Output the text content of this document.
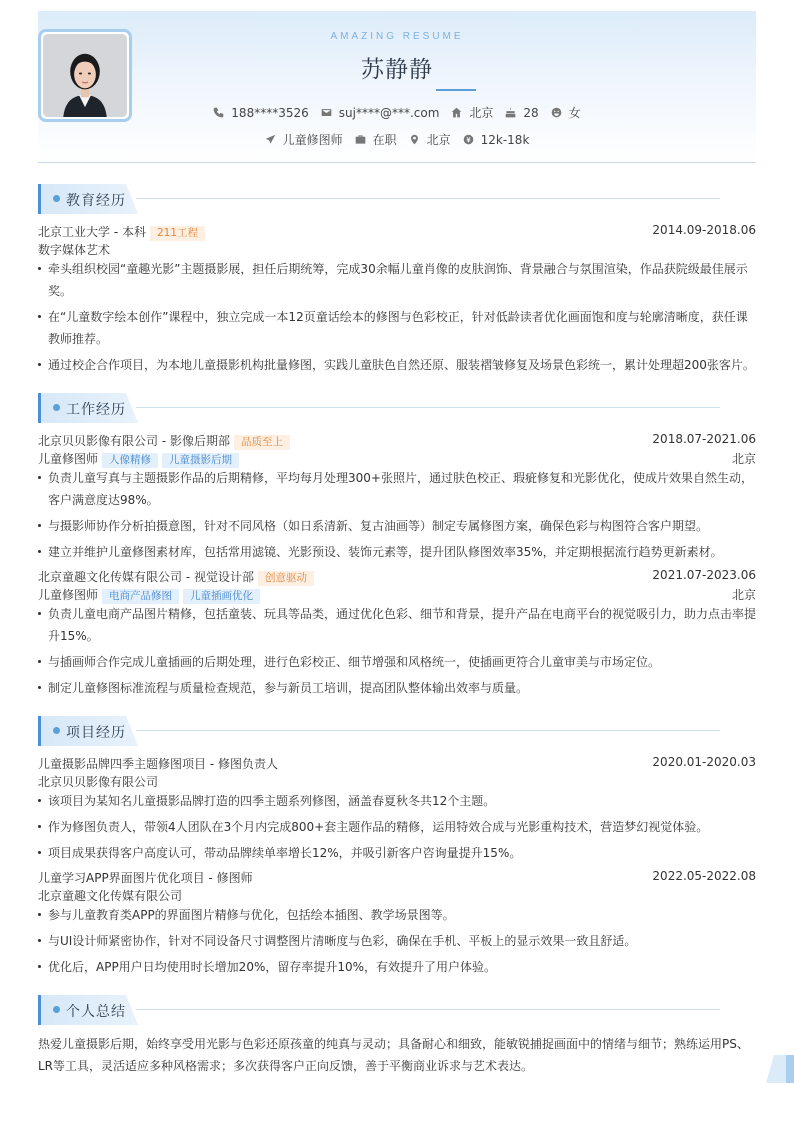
AMAZING RESUME
苏静静
188****3526	suj****@***.com	北京	28	女
儿童修图师	在职	北京	12k-18k
教育经历
北京工业大学 - 本科 211工程	2014.09-2018.06
数字媒体艺术
牵头组织校园“童趣光影”主题摄影展，担任后期统筹，完成30余幅儿童肖像的皮肤润饰、背景融合与氛围渲染，作品获院级最佳展示奖。
在“儿童数字绘本创作”课程中，独立完成一本12页童话绘本的修图与色彩校正，针对低龄读者优化画面饱和度与轮廓清晰度，获任课教师推荐。
通过校企合作项目，为本地儿童摄影机构批量修图，实践儿童肤色自然还原、服装褶皱修复及场景色彩统一，累计处理超200张客片。
工作经历
北京贝贝影像有限公司 - 影像后期部 品质至上	2018.07-2021.06
儿童修图师 人像精修 儿童摄影后期	北京
负责儿童写真与主题摄影作品的后期精修，平均每月处理300+张照片，通过肤色校正、瑕疵修复和光影优化，使成片效果自然生动，客户满意度达98%。
与摄影师协作分析拍摄意图，针对不同风格（如日系清新、复古油画等）制定专属修图方案，确保色彩与构图符合客户期望。
建立并维护儿童修图素材库，包括常用滤镜、光影预设、装饰元素等，提升团队修图效率35%，并定期根据流行趋势更新素材。
北京童趣文化传媒有限公司 - 视觉设计部 创意驱动	2021.07-2023.06
儿童修图师 电商产品修图 儿童插画优化	北京
负责儿童电商产品图片精修，包括童装、玩具等品类，通过优化色彩、细节和背景，提升产品在电商平台的视觉吸引力，助力点击率提升15%。
与插画师合作完成儿童插画的后期处理，进行色彩校正、细节增强和风格统一，使插画更符合儿童审美与市场定位。
制定儿童修图标准流程与质量检查规范，参与新员工培训，提高团队整体输出效率与质量。
项目经历
儿童摄影品牌四季主题修图项目 - 修图负责人	2020.01-2020.03
北京贝贝影像有限公司
该项目为某知名儿童摄影品牌打造的四季主题系列修图，涵盖春夏秋冬共12个主题。
作为修图负责人，带领4人团队在3个月内完成800+套主题作品的精修，运用特效合成与光影重构技术，营造梦幻视觉体验。
项目成果获得客户高度认可，带动品牌续单率增长12%，并吸引新客户咨询量提升15%。
儿童学习APP界面图片优化项目 - 修图师	2022.05-2022.08
北京童趣文化传媒有限公司
参与儿童教育类APP的界面图片精修与优化，包括绘本插图、教学场景图等。
与UI设计师紧密协作，针对不同设备尺寸调整图片清晰度与色彩，确保在手机、平板上的显示效果一致且舒适。
优化后，APP用户日均使用时长增加20%，留存率提升10%，有效提升了用户体验。
个人总结
热爱儿童摄影后期，始终享受用光影与色彩还原孩童的纯真与灵动；具备耐心和细致，能敏锐捕捉画面中的情绪与细节；熟练运用PS、LR等工具，灵活适应多种风格需求；多次获得客户正向反馈，善于平衡商业诉求与艺术表达。
